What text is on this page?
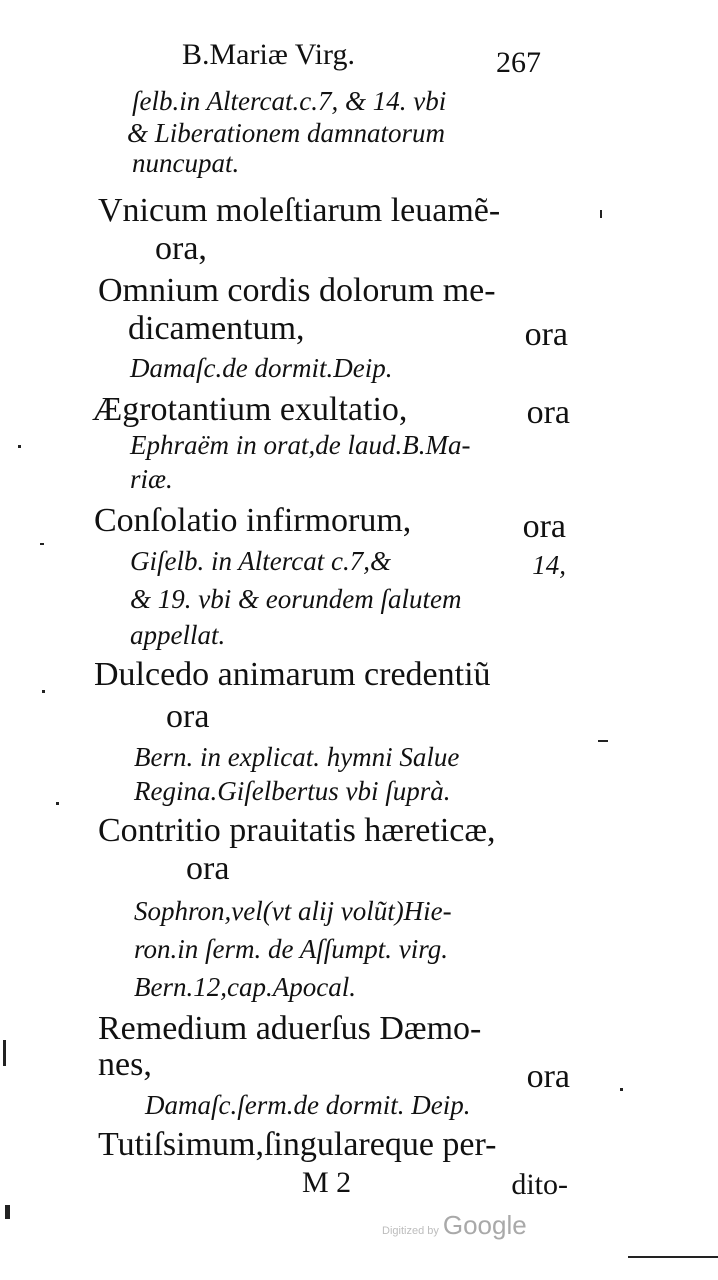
B.Mariæ Virg.	267
ſelb.in Altercat.c.7, & 14. vbi
& Liberationem damnatorum
nuncupat.
Vnicum moleſtiarum leuamẽ-
ora,
Omnium cordis dolorum me-
dicamentum,	ora
Damaſc.de dormit.Deip.
Ægrotantium exultatio,	ora
Ephraëm in orat,de laud.B.Ma-
riæ.
Conſolatio infirmorum,	ora
Giſelb. in Altercat c.7,&	14,
& 19. vbi & eorundem ſalutem
appellat.
Dulcedo animarum credentiũ
ora
Bern. in explicat. hymni Salue
Regina.Giſelbertus vbi ſuprà.
Contritio prauitatis hæreticæ,
ora
Sophron,vel(vt alij volũt)Hie-
ron.in ſerm. de Aſſumpt. virg.
Bern.12,cap.Apocal.
Remedium aduerſus Dæmo-
nes,	ora
Damaſc.ſerm.de dormit. Deip.
Tutiſsimum,ſingulareque per-
M 2	dito-
Digitized by Google
